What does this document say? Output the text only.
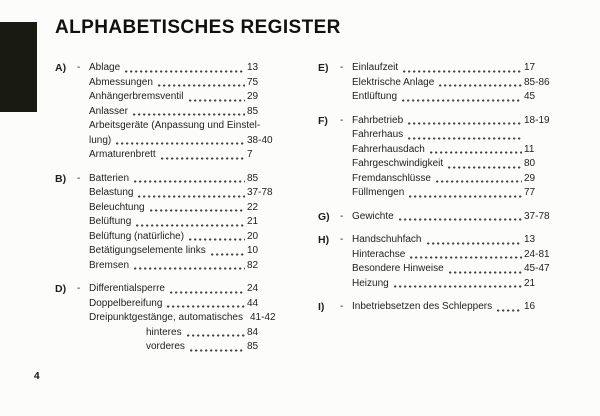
ALPHABETISCHES REGISTER
A)	- Ablage	13
Abmessungen	75
Anhängerbremsventil	29
Anlasser	85
Arbeitsgeräte (Anpassung und Einstel-
lung)	38-40
Armaturenbrett	7
B)	- Batterien	85
Belastung	37-78
Beleuchtung	22
Belüftung	21
Belüftung (natürliche)	20
Betätigungselemente links	10
Bremsen	82
D)	- Differentialsperre	24
Doppelbereifung	44
Dreipunktgestänge, automatisches 41-42
hinteres	84
vorderes	85
E)	- Einlaufzeit	17
Elektrische Anlage	85-86
Entlüftung	45
F)	- Fahrbetrieb	18-19
Fahrerhaus
Fahrerhausdach	11
Fahrgeschwindigkeit	80
Fremdanschlüsse	29
Füllmengen	77
G)	- Gewichte	37-78
H)	- Handschuhfach	13
Hinterachse	24-81
Besondere Hinweise	45-47
Heizung	21
I)	- Inbetriebsetzen des Schleppers	16
4
